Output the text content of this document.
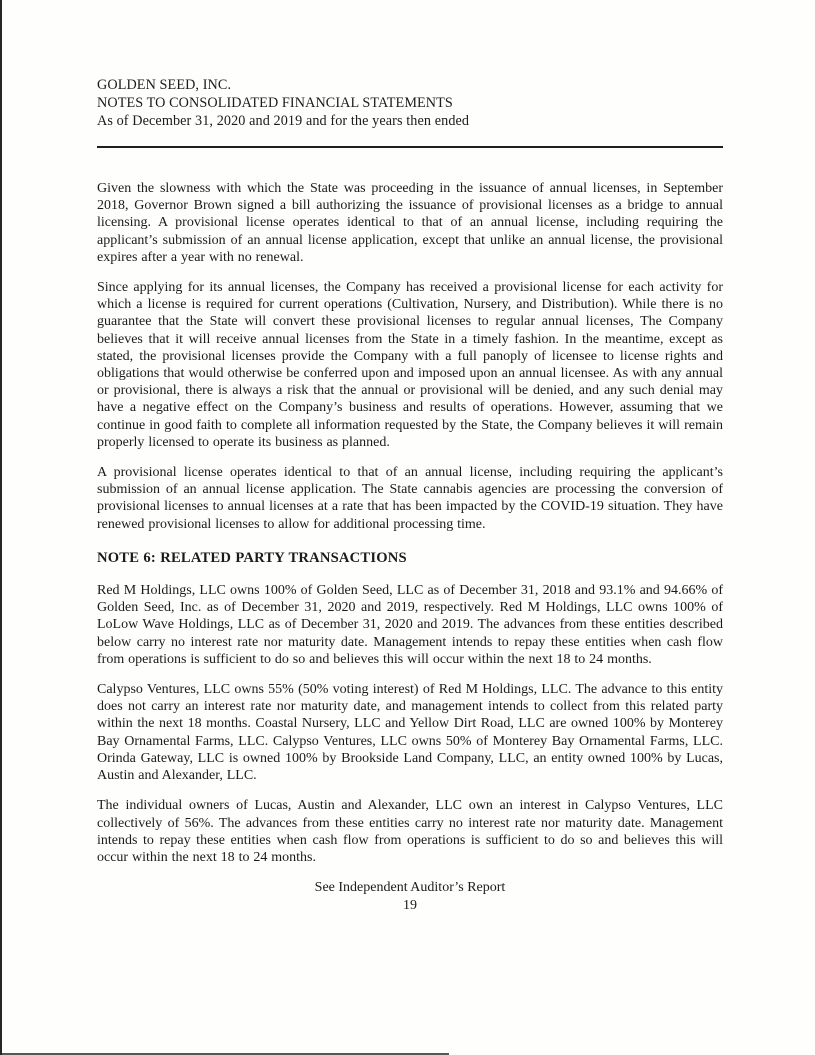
GOLDEN SEED, INC.
NOTES TO CONSOLIDATED FINANCIAL STATEMENTS
As of December 31, 2020 and 2019 and for the years then ended

Given the slowness with which the State was proceeding in the issuance of annual licenses, in September 2018, Governor Brown signed a bill authorizing the issuance of provisional licenses as a bridge to annual licensing. A provisional license operates identical to that of an annual license, including requiring the applicant’s submission of an annual license application, except that unlike an annual license, the provisional expires after a year with no renewal.

Since applying for its annual licenses, the Company has received a provisional license for each activity for which a license is required for current operations (Cultivation, Nursery, and Distribution). While there is no guarantee that the State will convert these provisional licenses to regular annual licenses, The Company believes that it will receive annual licenses from the State in a timely fashion. In the meantime, except as stated, the provisional licenses provide the Company with a full panoply of licensee to license rights and obligations that would otherwise be conferred upon and imposed upon an annual licensee. As with any annual or provisional, there is always a risk that the annual or provisional will be denied, and any such denial may have a negative effect on the Company’s business and results of operations. However, assuming that we continue in good faith to complete all information requested by the State, the Company believes it will remain properly licensed to operate its business as planned.

A provisional license operates identical to that of an annual license, including requiring the applicant’s submission of an annual license application. The State cannabis agencies are processing the conversion of provisional licenses to annual licenses at a rate that has been impacted by the COVID-19 situation. They have renewed provisional licenses to allow for additional processing time.

NOTE 6: RELATED PARTY TRANSACTIONS

Red M Holdings, LLC owns 100% of Golden Seed, LLC as of December 31, 2018 and 93.1% and 94.66% of Golden Seed, Inc. as of December 31, 2020 and 2019, respectively. Red M Holdings, LLC owns 100% of LoLow Wave Holdings, LLC as of December 31, 2020 and 2019. The advances from these entities described below carry no interest rate nor maturity date. Management intends to repay these entities when cash flow from operations is sufficient to do so and believes this will occur within the next 18 to 24 months.

Calypso Ventures, LLC owns 55% (50% voting interest) of Red M Holdings, LLC. The advance to this entity does not carry an interest rate nor maturity date, and management intends to collect from this related party within the next 18 months. Coastal Nursery, LLC and Yellow Dirt Road, LLC are owned 100% by Monterey Bay Ornamental Farms, LLC. Calypso Ventures, LLC owns 50% of Monterey Bay Ornamental Farms, LLC. Orinda Gateway, LLC is owned 100% by Brookside Land Company, LLC, an entity owned 100% by Lucas, Austin and Alexander, LLC.

The individual owners of Lucas, Austin and Alexander, LLC own an interest in Calypso Ventures, LLC collectively of 56%. The advances from these entities carry no interest rate nor maturity date. Management intends to repay these entities when cash flow from operations is sufficient to do so and believes this will occur within the next 18 to 24 months.

See Independent Auditor’s Report
19
